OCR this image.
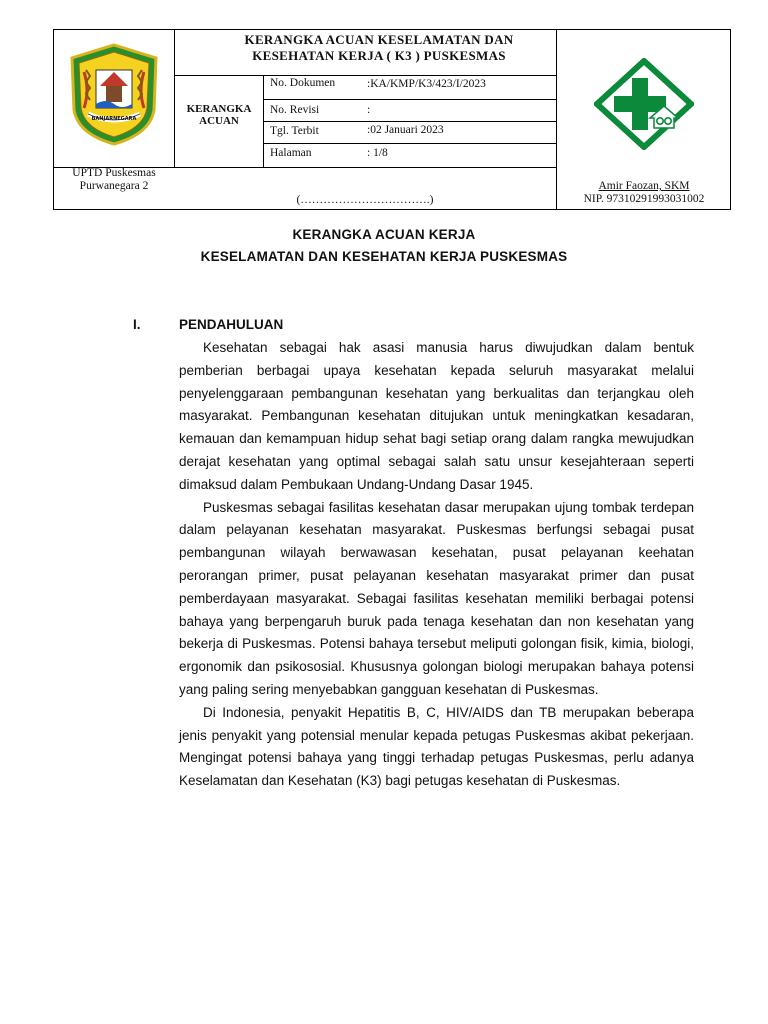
BANJARNEGARA
KERANGKA ACUAN KESELAMATAN DAN
KESEHATAN KERJA ( K3 ) PUSKESMAS
KERANGKA
ACUAN
No. Dokumen	:KA/KMP/K3/423/I/2023
No. Revisi	:
Tgl. Terbit	:02 Januari 2023
Halaman	: 1/8
UPTD Puskesmas
Purwanegara 2
(…………………………….)
Amir Faozan, SKM
NIP. 97310291993031002
KERANGKA ACUAN KERJA
KESELAMATAN DAN KESEHATAN KERJA PUSKESMAS
I.	PENDAHULUAN

Kesehatan sebagai hak asasi manusia harus diwujudkan dalam bentuk pemberian berbagai upaya kesehatan kepada seluruh masyarakat melalui penyelenggaraan pembangunan kesehatan yang berkualitas dan terjangkau oleh masyarakat. Pembangunan kesehatan ditujukan untuk meningkatkan kesadaran, kemauan dan kemampuan hidup sehat bagi setiap orang dalam rangka mewujudkan derajat kesehatan yang optimal sebagai salah satu unsur kesejahteraan seperti dimaksud dalam Pembukaan Undang-Undang Dasar 1945.

Puskesmas sebagai fasilitas kesehatan dasar merupakan ujung tombak terdepan dalam pelayanan kesehatan masyarakat. Puskesmas berfungsi sebagai pusat pembangunan wilayah berwawasan kesehatan, pusat pelayanan keehatan perorangan primer, pusat pelayanan kesehatan masyarakat primer dan pusat pemberdayaan masyarakat. Sebagai fasilitas kesehatan memiliki berbagai potensi bahaya yang berpengaruh buruk pada tenaga kesehatan dan non kesehatan yang bekerja di Puskesmas. Potensi bahaya tersebut meliputi golongan fisik, kimia, biologi, ergonomik dan psikososial. Khususnya golongan biologi merupakan bahaya potensi yang paling sering menyebabkan gangguan kesehatan di Puskesmas.

Di Indonesia, penyakit Hepatitis B, C, HIV/AIDS dan TB merupakan beberapa jenis penyakit yang potensial menular kepada petugas Puskesmas akibat pekerjaan. Mengingat potensi bahaya yang tinggi terhadap petugas Puskesmas, perlu adanya Keselamatan dan Kesehatan (K3) bagi petugas kesehatan di Puskesmas.
